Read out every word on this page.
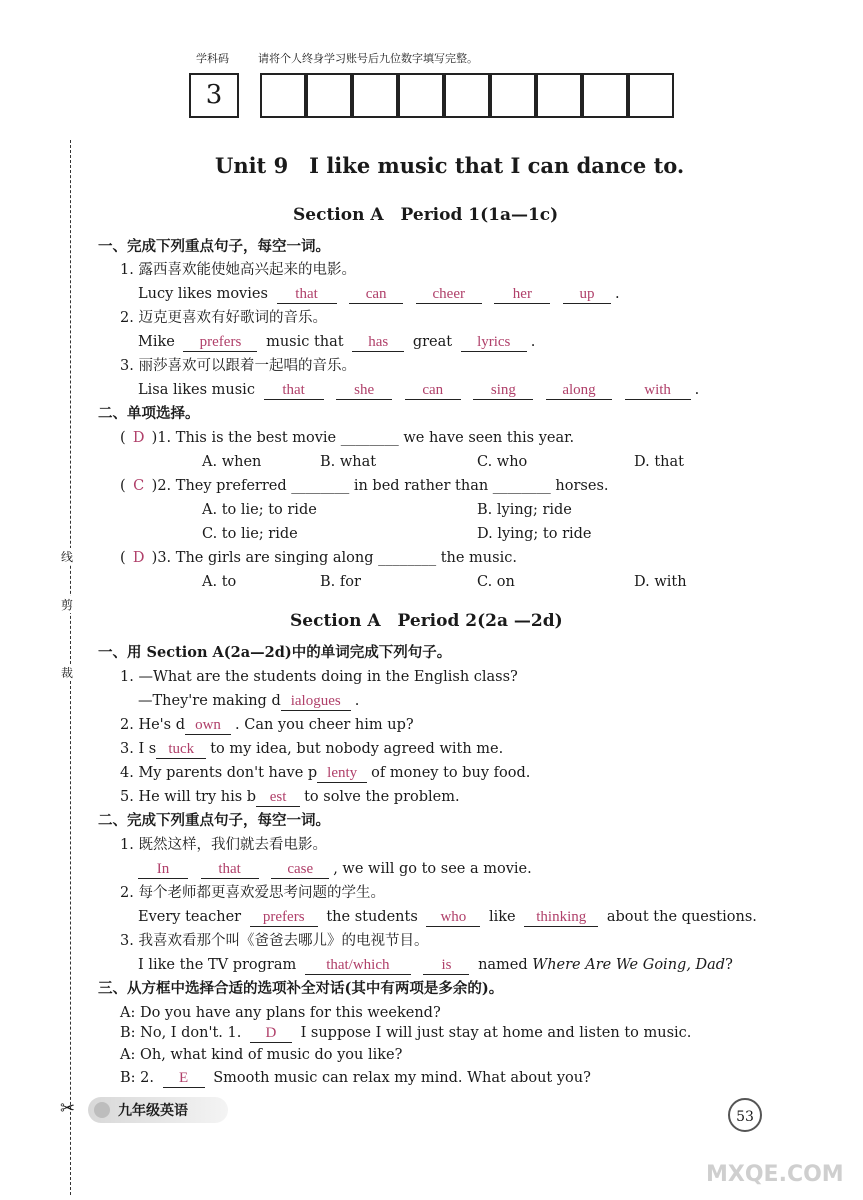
学科码	请将个人终身学习账号后九位数字填写完整。
3
线
剪
裁
✂
Unit 9　I like music that I can dance to.
Section A　Period 1(1a—1c)
一、完成下列重点句子，每空一词。
1. 露西喜欢能使她高兴起来的电影。
Lucy likes movies that	can	cheer	her	up .
2. 迈克更喜欢有好歌词的音乐。
Mike prefers music that has great lyrics .
3. 丽莎喜欢可以跟着一起唱的音乐。
Lisa likes music that	she	can	sing	along	with .
二、单项选择。
( D )1. This is the best movie ________ we have seen this year.
A. when	B. what	C. who	D. that
( C )2. They preferred ________ in bed rather than ________ horses.
A. to lie; to ride	B. lying; ride
C. to lie; ride	D. lying; to ride
( D )3. The girls are singing along ________ the music.
A. to	B. for	C. on	D. with
Section A　Period 2(2a —2d)
一、用 Section A(2a—2d)中的单词完成下列句子。
1. —What are the students doing in the English class?
—They're making d ialogues .
2. He's d own . Can you cheer him up?
3. I s tuck to my idea, but nobody agreed with me.
4. My parents don't have p lenty of money to buy food.
5. He will try his b est to solve the problem.
二、完成下列重点句子，每空一词。
1. 既然这样，我们就去看电影。
In	that	case , we will go to see a movie.
2. 每个老师都更喜欢爱思考问题的学生。
Every teacher prefers the students who like thinking about the questions.
3. 我喜欢看那个叫《爸爸去哪儿》的电视节目。
I like the TV program that/which	is named Where Are We Going, Dad?
三、从方框中选择合适的选项补全对话(其中有两项是多余的)。
A: Do you have any plans for this weekend?
B: No, I don't. 1. D I suppose I will just stay at home and listen to music.
A: Oh, what kind of music do you like?
B: 2. E Smooth music can relax my mind. What about you?
九年级英语	53
MXQE.COM
